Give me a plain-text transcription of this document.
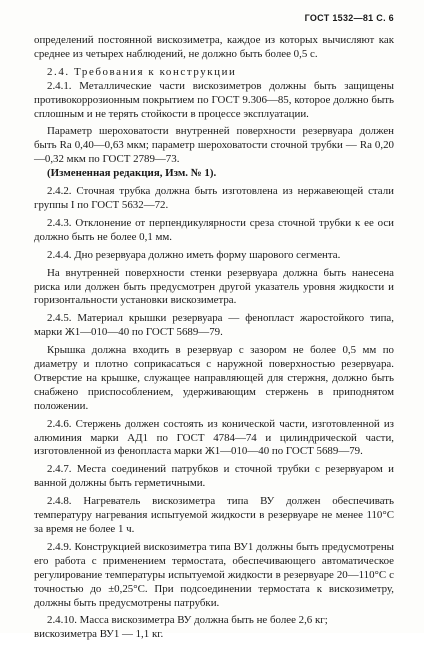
ГОСТ 1532—81 С. 6

определений постоянной вискозиметра, каждое из которых вычисляют как среднее из четырех наблюдений, не должно быть более 0,5 с.

2.4. Требования к конструкции

2.4.1. Металлические части вискозиметров должны быть защищены противокоррозионным покрытием по ГОСТ 9.306—85, которое должно быть сплошным и не терять стойкости в процессе эксплуатации.

Параметр шероховатости внутренней поверхности резервуара должен быть Ra 0,40—0,63 мкм; параметр шероховатости сточной трубки — Ra 0,20—0,32 мкм по ГОСТ 2789—73.

(Измененная редакция, Изм. № 1).

2.4.2. Сточная трубка должна быть изготовлена из нержавеющей стали группы I по ГОСТ 5632—72.

2.4.3. Отклонение от перпендикулярности среза сточной трубки к ее оси должно быть не более 0,1 мм.

2.4.4. Дно резервуара должно иметь форму шарового сегмента.

На внутренней поверхности стенки резервуара должна быть нанесена риска или должен быть предусмотрен другой указатель уровня жидкости и горизонтальности установки вискозиметра.

2.4.5. Материал крышки резервуара — фенопласт жаростойкого типа, марки Ж1—010—40 по ГОСТ 5689—79.

Крышка должна входить в резервуар с зазором не более 0,5 мм по диаметру и плотно соприкасаться с наружной поверхностью резервуара. Отверстие на крышке, служащее направляющей для стержня, должно быть снабжено приспособлением, удерживающим стержень в приподнятом положении.

2.4.6. Стержень должен состоять из конической части, изготовленной из алюминия марки АД1 по ГОСТ 4784—74 и цилиндрической части, изготовленной из фенопласта марки Ж1—010—40 по ГОСТ 5689—79.

2.4.7. Места соединений патрубков и сточной трубки с резервуаром и ванной должны быть герметичными.

2.4.8. Нагреватель вискозиметра типа ВУ должен обеспечивать температуру нагревания испытуемой жидкости в резервуаре не менее 110°С за время не более 1 ч.

2.4.9. Конструкцией вискозиметра типа ВУ1 должны быть предусмотрены его работа с применением термостата, обеспечивающего автоматическое регулирование температуры испытуемой жидкости в резервуаре 20—110°С с точностью до ±0,25°С. При подсоединении термостата к вискозиметру, должны быть предусмотрены патрубки.

2.4.10. Масса вискозиметра ВУ должна быть не более 2,6 кг;

вискозиметра ВУ1 — 1,1 кг.
